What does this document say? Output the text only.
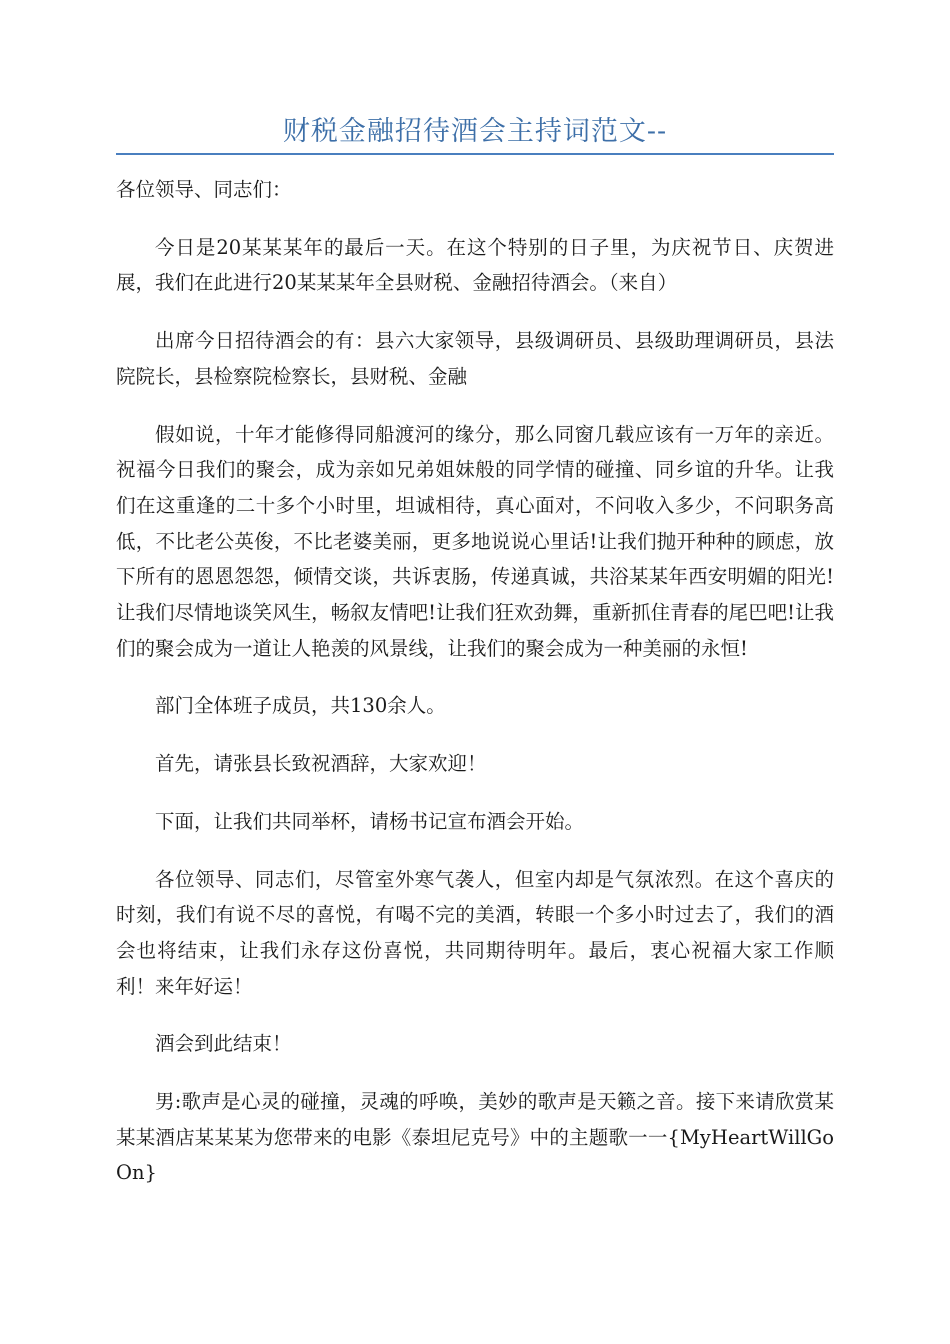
财税金融招待酒会主持词范文--

各位领导、同志们：

今日是20某某某年的最后一天。在这个特别的日子里，为庆祝节日、庆贺进展，我们在此进行20某某某年全县财税、金融招待酒会。（来自）

出席今日招待酒会的有：县六大家领导，县级调研员、县级助理调研员，县法院院长，县检察院检察长，县财税、金融

假如说，十年才能修得同船渡河的缘分，那么同窗几载应该有一万年的亲近。祝福今日我们的聚会，成为亲如兄弟姐妹般的同学情的碰撞、同乡谊的升华。让我们在这重逢的二十多个小时里，坦诚相待，真心面对，不问收入多少，不问职务高低，不比老公英俊，不比老婆美丽，更多地说说心里话!让我们抛开种种的顾虑，放下所有的恩恩怨怨，倾情交谈，共诉衷肠，传递真诚，共浴某某年西安明媚的阳光!让我们尽情地谈笑风生，畅叙友情吧!让我们狂欢劲舞，重新抓住青春的尾巴吧!让我们的聚会成为一道让人艳羡的风景线，让我们的聚会成为一种美丽的永恒!

部门全体班子成员，共130余人。

首先，请张县长致祝酒辞，大家欢迎！

下面，让我们共同举杯，请杨书记宣布酒会开始。

各位领导、同志们，尽管室外寒气袭人，但室内却是气氛浓烈。在这个喜庆的时刻，我们有说不尽的喜悦，有喝不完的美酒，转眼一个多小时过去了，我们的酒会也将结束，让我们永存这份喜悦，共同期待明年。最后，衷心祝福大家工作顺利！来年好运！

酒会到此结束！

男:歌声是心灵的碰撞，灵魂的呼唤，美妙的歌声是天籁之音。接下来请欣赏某某某酒店某某某为您带来的电影《泰坦尼克号》中的主题歌一一{MyHeartWillGoOn}
